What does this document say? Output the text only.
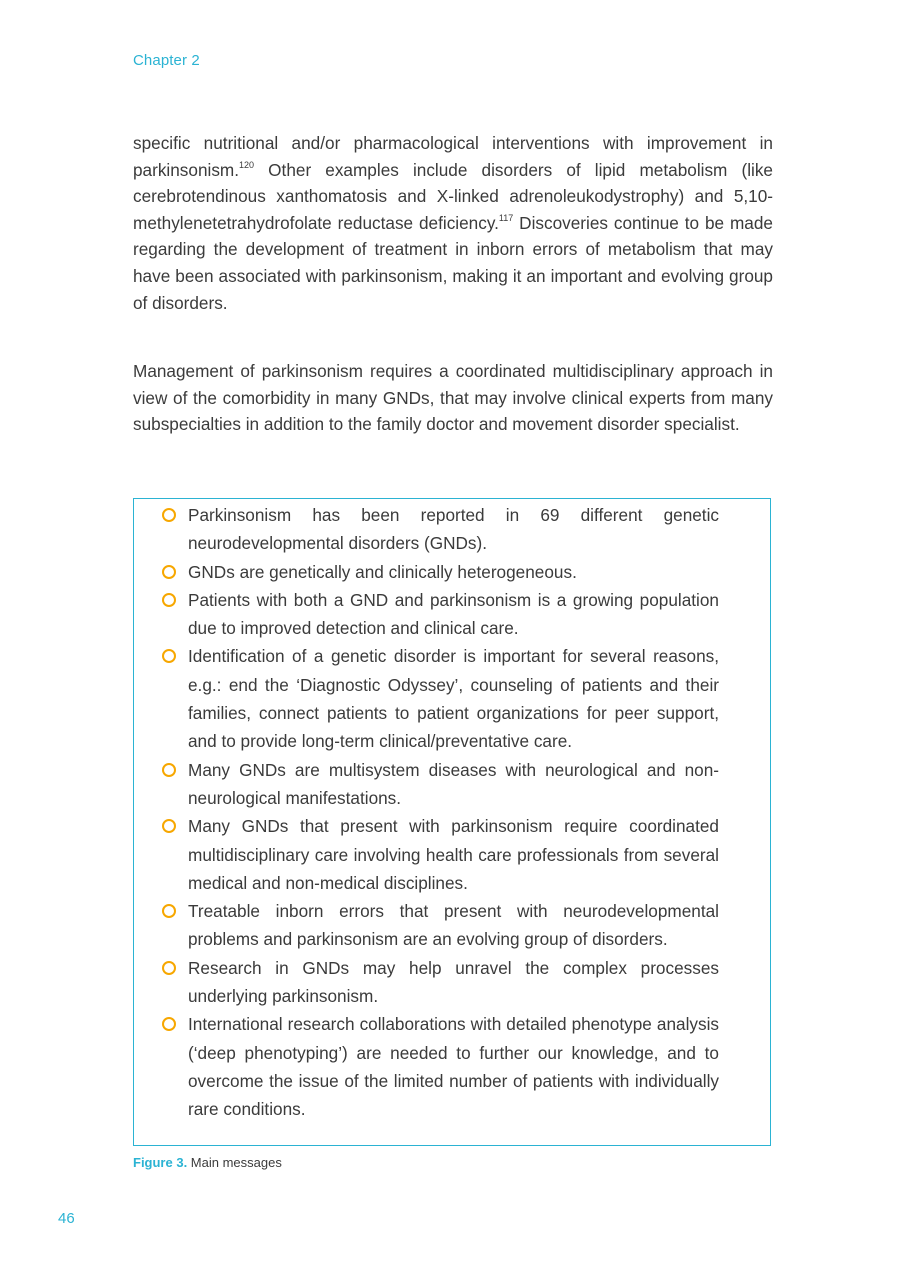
Chapter 2

specific nutritional and/or pharmacological interventions with improvement in parkinsonism.$^{120}$ Other examples include disorders of lipid metabolism (like cerebrotendinous xanthomatosis and X-linked adrenoleukodystrophy) and 5,10-methylenetetrahydrofolate reductase deficiency.$^{117}$ Discoveries continue to be made regarding the development of treatment in inborn errors of metabolism that may have been associated with parkinsonism, making it an important and evolving group of disorders.

Management of parkinsonism requires a coordinated multidisciplinary approach in view of the comorbidity in many GNDs, that may involve clinical experts from many subspecialties in addition to the family doctor and movement disorder specialist.

Parkinsonism has been reported in 69 different genetic neurodevelopmental disorders (GNDs).
GNDs are genetically and clinically heterogeneous.
Patients with both a GND and parkinsonism is a growing population due to improved detection and clinical care.
Identification of a genetic disorder is important for several reasons, e.g.: end the ‘Diagnostic Odyssey’, counseling of patients and their families, connect patients to patient organizations for peer support, and to provide long-term clinical/preventative care.
Many GNDs are multisystem diseases with neurological and non-neurological manifestations.
Many GNDs that present with parkinsonism require coordinated multidisciplinary care involving health care professionals from several medical and non-medical disciplines.
Treatable inborn errors that present with neurodevelopmental problems and parkinsonism are an evolving group of disorders.
Research in GNDs may help unravel the complex processes underlying parkinsonism.
International research collaborations with detailed phenotype analysis (‘deep phenotyping’) are needed to further our knowledge, and to overcome the issue of the limited number of patients with individually rare conditions.
Figure 3. Main messages
46
